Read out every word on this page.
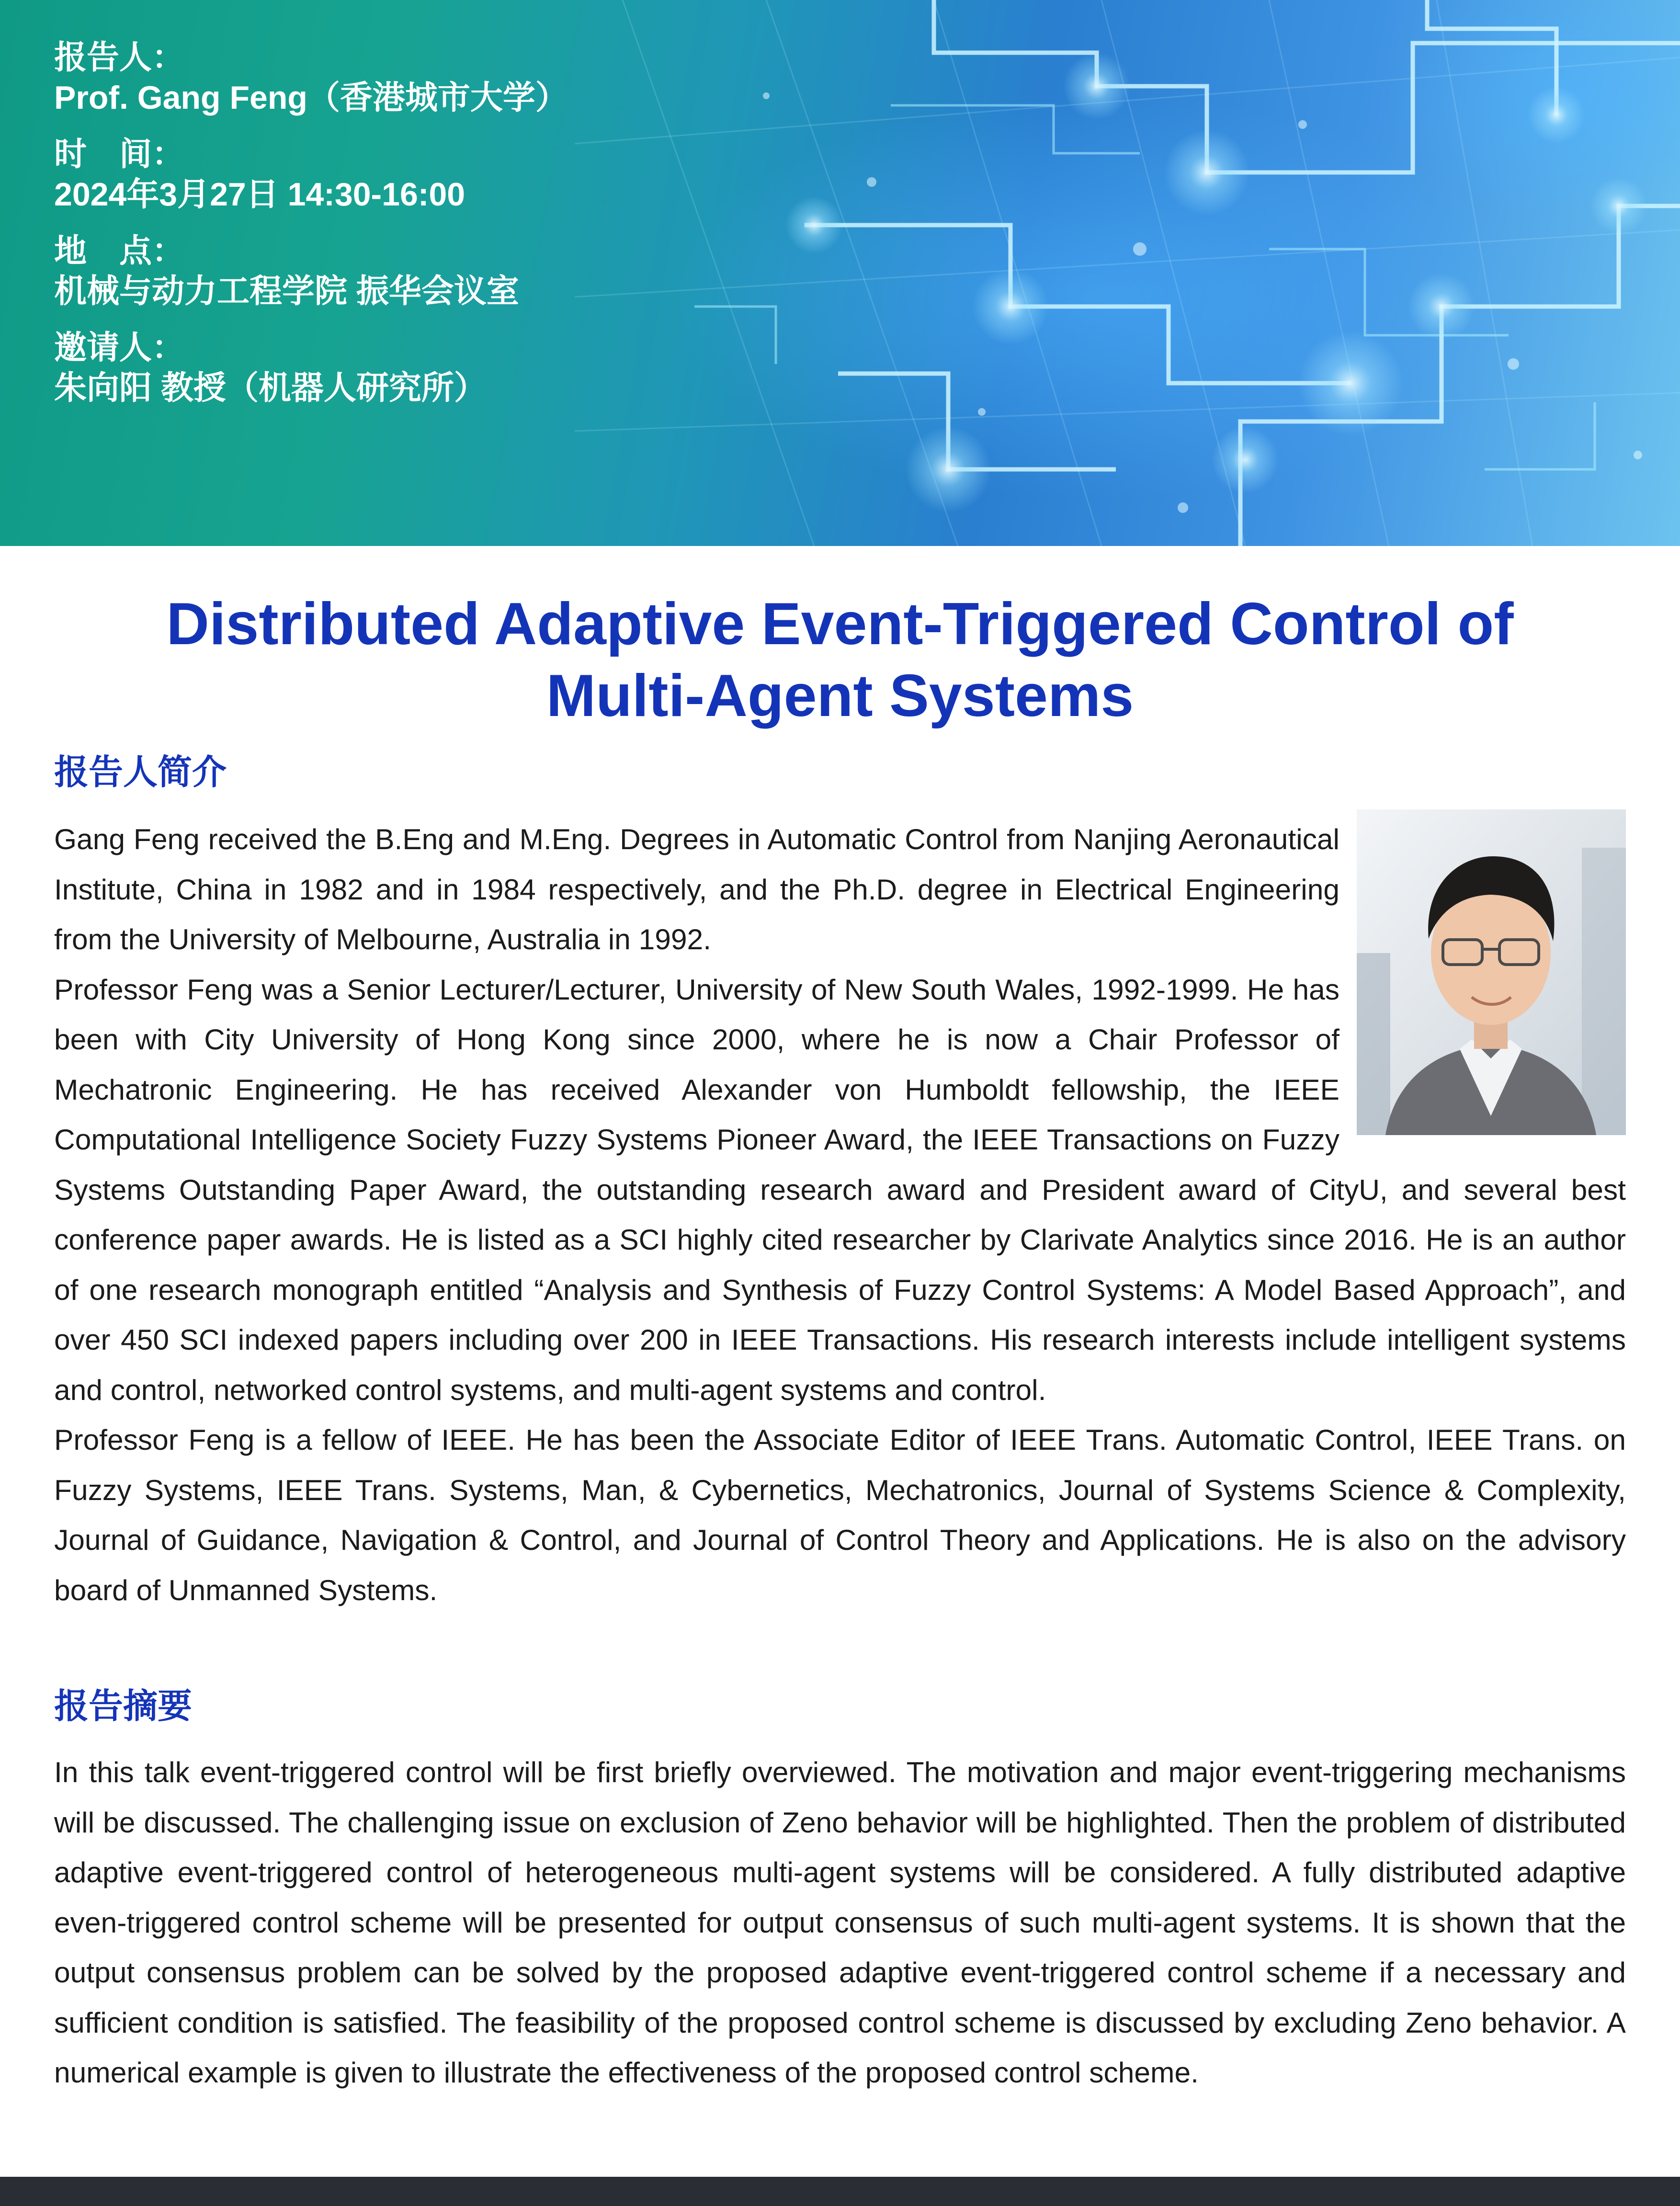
报告人：
Prof. Gang Feng（香港城市大学）
时　间：
2024年3月27日 14:30-16:00
地　点：
机械与动力工程学院 振华会议室
邀请人：
朱向阳 教授（机器人研究所）
Distributed Adaptive Event-Triggered Control of
Multi-Agent Systems
报告人简介

Gang Feng received the B.Eng and M.Eng. Degrees in Automatic Control from Nanjing Aeronautical Institute, China in 1982 and in 1984 respectively, and the Ph.D. degree in Electrical Engineering from the University of Melbourne, Australia in 1992.

Professor Feng was a Senior Lecturer/Lecturer, University of New South Wales, 1992-1999. He has been with City University of Hong Kong since 2000, where he is now a Chair Professor of Mechatronic Engineering. He has received Alexander von Humboldt fellowship, the IEEE Computational Intelligence Society Fuzzy Systems Pioneer Award, the IEEE Transactions on Fuzzy Systems Outstanding Paper Award, the outstanding research award and President award of CityU, and several best conference paper awards. He is listed as a SCI highly cited researcher by Clarivate Analytics since 2016. He is an author of one research monograph entitled “Analysis and Synthesis of Fuzzy Control Systems: A Model Based Approach”, and over 450 SCI indexed papers including over 200 in IEEE Transactions. His research interests include intelligent systems and control, networked control systems, and multi-agent systems and control.

Professor Feng is a fellow of IEEE. He has been the Associate Editor of IEEE Trans. Automatic Control, IEEE Trans. on Fuzzy Systems, IEEE Trans. Systems, Man, & Cybernetics, Mechatronics, Journal of Systems Science & Complexity, Journal of Guidance, Navigation & Control, and Journal of Control Theory and Applications. He is also on the advisory board of Unmanned Systems.

报告摘要

In this talk event-triggered control will be first briefly overviewed. The motivation and major event-triggering mechanisms will be discussed. The challenging issue on exclusion of Zeno behavior will be highlighted. Then the problem of distributed adaptive event-triggered control of heterogeneous multi-agent systems will be considered. A fully distributed adaptive even-triggered control scheme will be presented for output consensus of such multi-agent systems. It is shown that the output consensus problem can be solved by the proposed adaptive event-triggered control scheme if a necessary and sufficient condition is satisfied. The feasibility of the proposed control scheme is discussed by excluding Zeno behavior. A numerical example is given to illustrate the effectiveness of the proposed control scheme.
